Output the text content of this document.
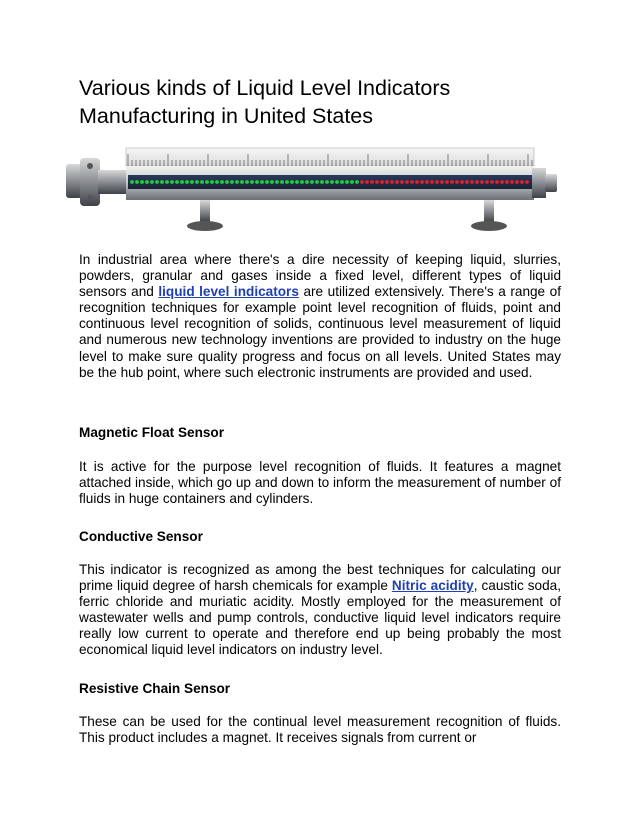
Various kinds of Liquid Level Indicators
Manufacturing in United States

In industrial area where there's a dire necessity of keeping liquid, slurries, powders, granular and gases inside a fixed level, different types of liquid sensors and liquid level indicators are utilized extensively. There's a range of recognition techniques for example point level recognition of fluids, point and continuous level recognition of solids, continuous level measurement of liquid and numerous new technology inventions are provided to industry on the huge level to make sure quality progress and focus on all levels. United States may be the hub point, where such electronic instruments are provided and used.

Magnetic Float Sensor

It is active for the purpose level recognition of fluids. It features a magnet attached inside, which go up and down to inform the measurement of number of fluids in huge containers and cylinders.

Conductive Sensor

This indicator is recognized as among the best techniques for calculating our prime liquid degree of harsh chemicals for example Nitric acidity, caustic soda, ferric chloride and muriatic acidity. Mostly employed for the measurement of wastewater wells and pump controls, conductive liquid level indicators require really low current to operate and therefore end up being probably the most economical liquid level indicators on industry level.

Resistive Chain Sensor

These can be used for the continual level measurement recognition of fluids. This product includes a magnet. It receives signals from current or
